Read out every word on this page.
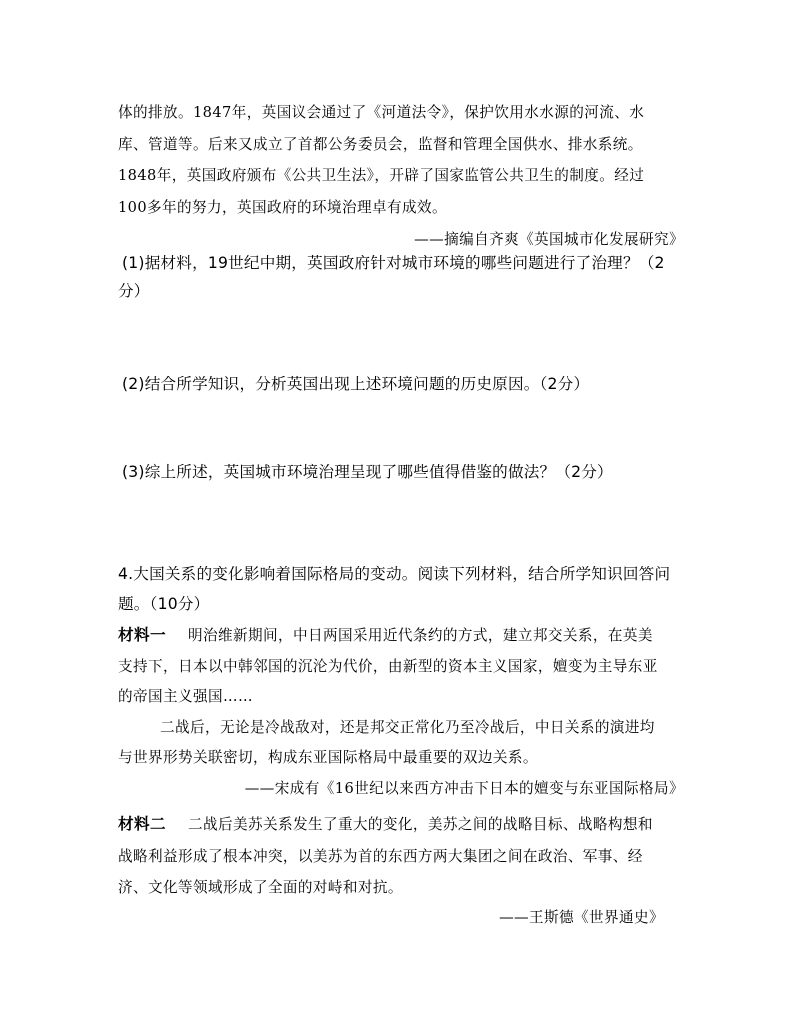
体的排放。1847年，英国议会通过了《河道法令》，保护饮用水水源的河流、水
库、管道等。后来又成立了首都公务委员会，监督和管理全国供水、排水系统。
1848年，英国政府颁布《公共卫生法》，开辟了国家监管公共卫生的制度。经过
100多年的努力，英国政府的环境治理卓有成效。
——摘编自齐爽《英国城市化发展研究》
(1)据材料，19世纪中期，英国政府针对城市环境的哪些问题进行了治理？（2
分）
(2)结合所学知识，分析英国出现上述环境问题的历史原因。（2分）
(3)综上所述，英国城市环境治理呈现了哪些值得借鉴的做法？（2分）
4.大国关系的变化影响着国际格局的变动。阅读下列材料，结合所学知识回答问
题。（10分）
材料一 明治维新期间，中日两国采用近代条约的方式，建立邦交关系，在英美
支持下，日本以中韩邻国的沉沦为代价，由新型的资本主义国家，嬗变为主导东亚
的帝国主义强国……
二战后，无论是冷战敌对，还是邦交正常化乃至冷战后，中日关系的演进均
与世界形势关联密切，构成东亚国际格局中最重要的双边关系。
——宋成有《16世纪以来西方冲击下日本的嬗变与东亚国际格局》
材料二 二战后美苏关系发生了重大的变化，美苏之间的战略目标、战略构想和
战略利益形成了根本冲突，以美苏为首的东西方两大集团之间在政治、军事、经
济、文化等领域形成了全面的对峙和对抗。
——王斯德《世界通史》
